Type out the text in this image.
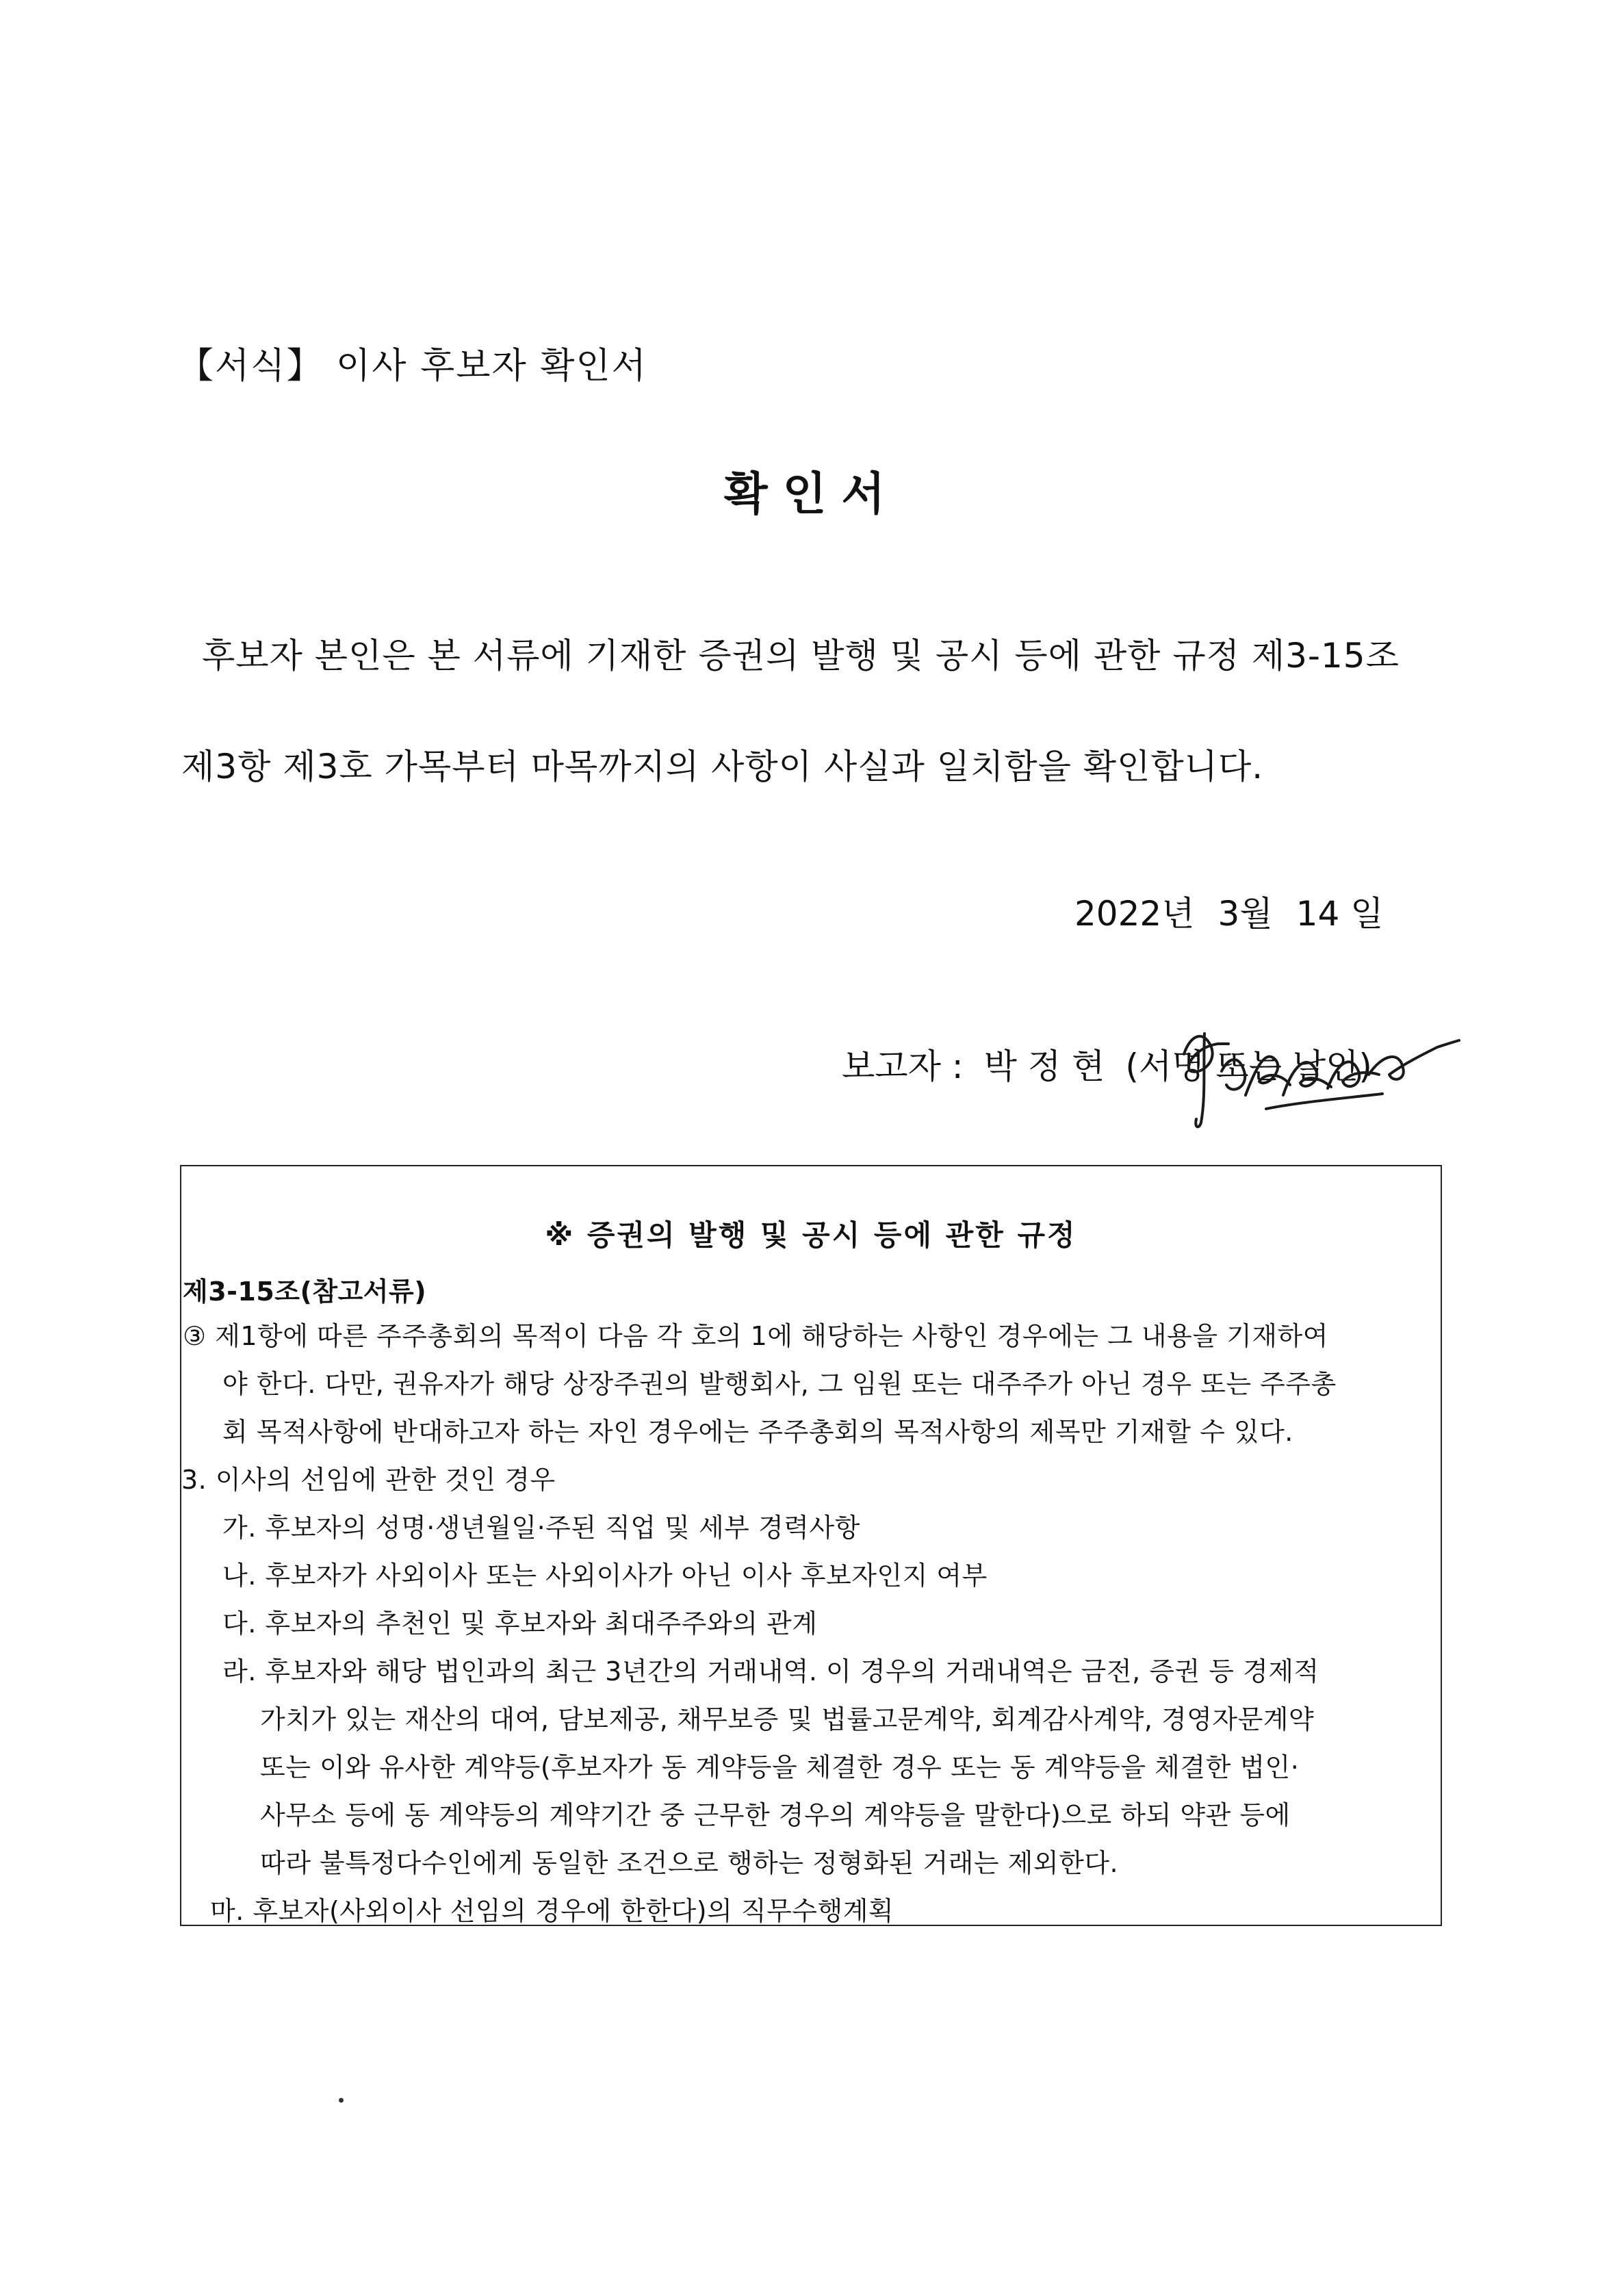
【서식】 이사 후보자 확인서
확인서
후보자 본인은 본 서류에 기재한 증권의 발행 및 공시 등에 관한 규정 제3-15조
제3항 제3호 가목부터 마목까지의 사항이 사실과 일치함을 확인합니다.
2022년 3월 14 일
보고자 : 박 정 현 (서명 또는 날인)
※ 증권의 발행 및 공시 등에 관한 규정
제3-15조(참고서류)
③ 제1항에 따른 주주총회의 목적이 다음 각 호의 1에 해당하는 사항인 경우에는 그 내용을 기재하여
야 한다. 다만, 권유자가 해당 상장주권의 발행회사, 그 임원 또는 대주주가 아닌 경우 또는 주주총
회 목적사항에 반대하고자 하는 자인 경우에는 주주총회의 목적사항의 제목만 기재할 수 있다.
3. 이사의 선임에 관한 것인 경우
가. 후보자의 성명·생년월일·주된 직업 및 세부 경력사항
나. 후보자가 사외이사 또는 사외이사가 아닌 이사 후보자인지 여부
다. 후보자의 추천인 및 후보자와 최대주주와의 관계
라. 후보자와 해당 법인과의 최근 3년간의 거래내역. 이 경우의 거래내역은 금전, 증권 등 경제적
가치가 있는 재산의 대여, 담보제공, 채무보증 및 법률고문계약, 회계감사계약, 경영자문계약
또는 이와 유사한 계약등(후보자가 동 계약등을 체결한 경우 또는 동 계약등을 체결한 법인·
사무소 등에 동 계약등의 계약기간 중 근무한 경우의 계약등을 말한다)으로 하되 약관 등에
따라 불특정다수인에게 동일한 조건으로 행하는 정형화된 거래는 제외한다.
마. 후보자(사외이사 선임의 경우에 한한다)의 직무수행계획
